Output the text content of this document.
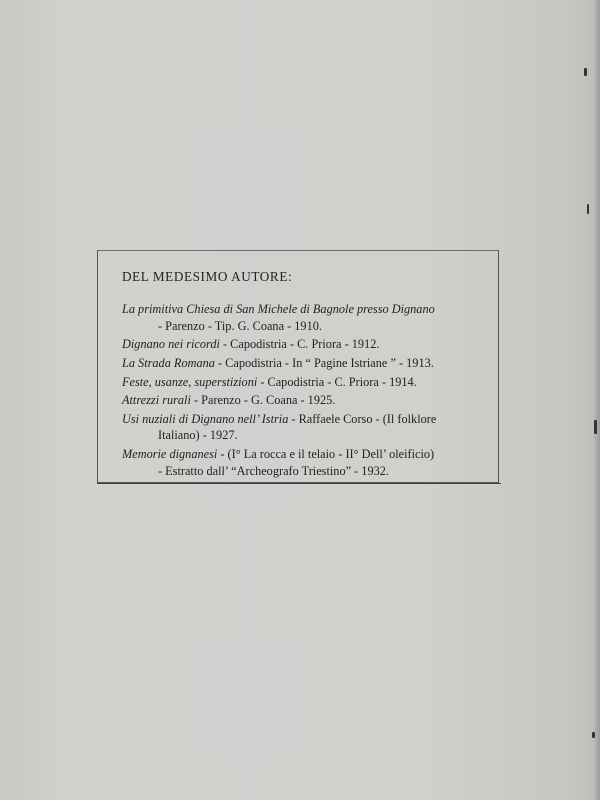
DEL MEDESIMO AUTORE:
La primitiva Chiesa di San Michele di Bagnole presso Dignano
- Parenzo - Tip. G. Coana - 1910.
Dignano nei ricordi - Capodistria - C. Priora - 1912.
La Strada Romana - Capodistria - In “ Pagine Istriane ” - 1913.
Feste, usanze, superstizioni - Capodistria - C. Priora - 1914.
Attrezzi rurali - Parenzo - G. Coana - 1925.
Usi nuziali di Dignano nell’ Istria - Raffaele Corso - (Il folklore
Italiano) - 1927.
Memorie dignanesi - (I° La rocca e il telaio - II° Dell’ oleificio)
- Estratto dall’ “Archeografo Triestino” - 1932.
